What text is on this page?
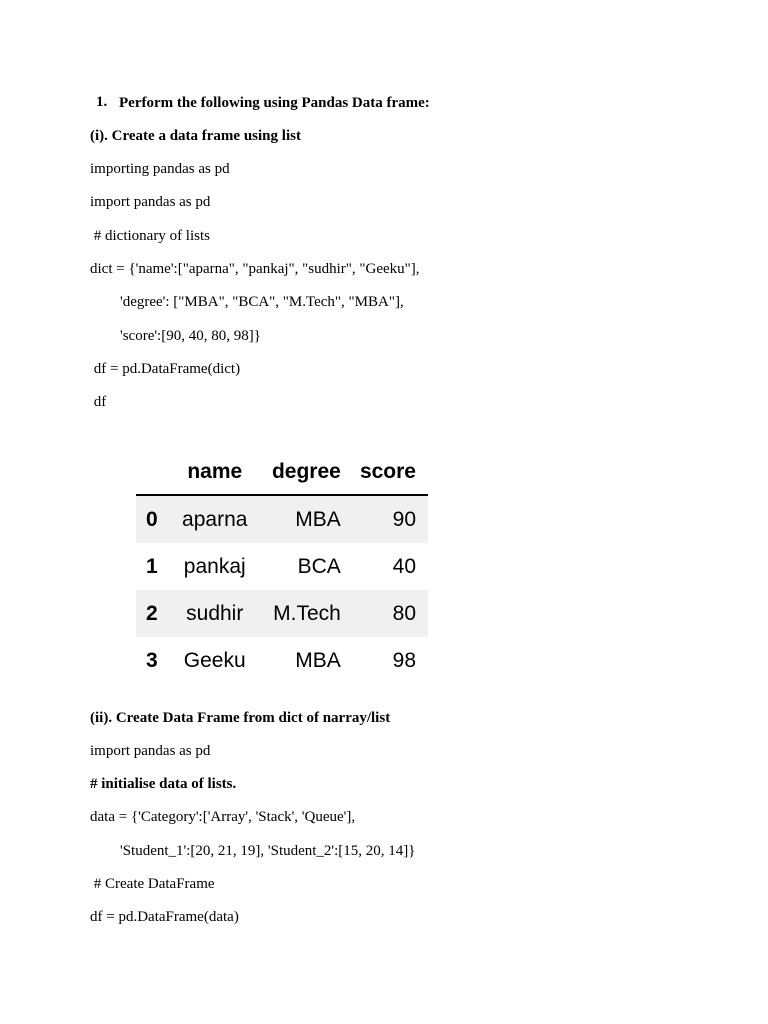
1. Perform the following using Pandas Data frame:
(i). Create a data frame using list
importing pandas as pd
import pandas as pd
# dictionary of lists
dict = {'name':["aparna", "pankaj", "sudhir", "Geeku"],
'degree': ["MBA", "BCA", "M.Tech", "MBA"],
'score':[90, 40, 80, 98]}
df = pd.DataFrame(dict)
df
	name	degree	score
0	aparna	MBA	90
1	pankaj	BCA	40
2	sudhir	M.Tech	80
3	Geeku	MBA	98
(ii). Create Data Frame from dict of narray/list
import pandas as pd
# initialise data of lists.
data = {'Category':['Array', 'Stack', 'Queue'],
'Student_1':[20, 21, 19], 'Student_2':[15, 20, 14]}
# Create DataFrame
df = pd.DataFrame(data)
